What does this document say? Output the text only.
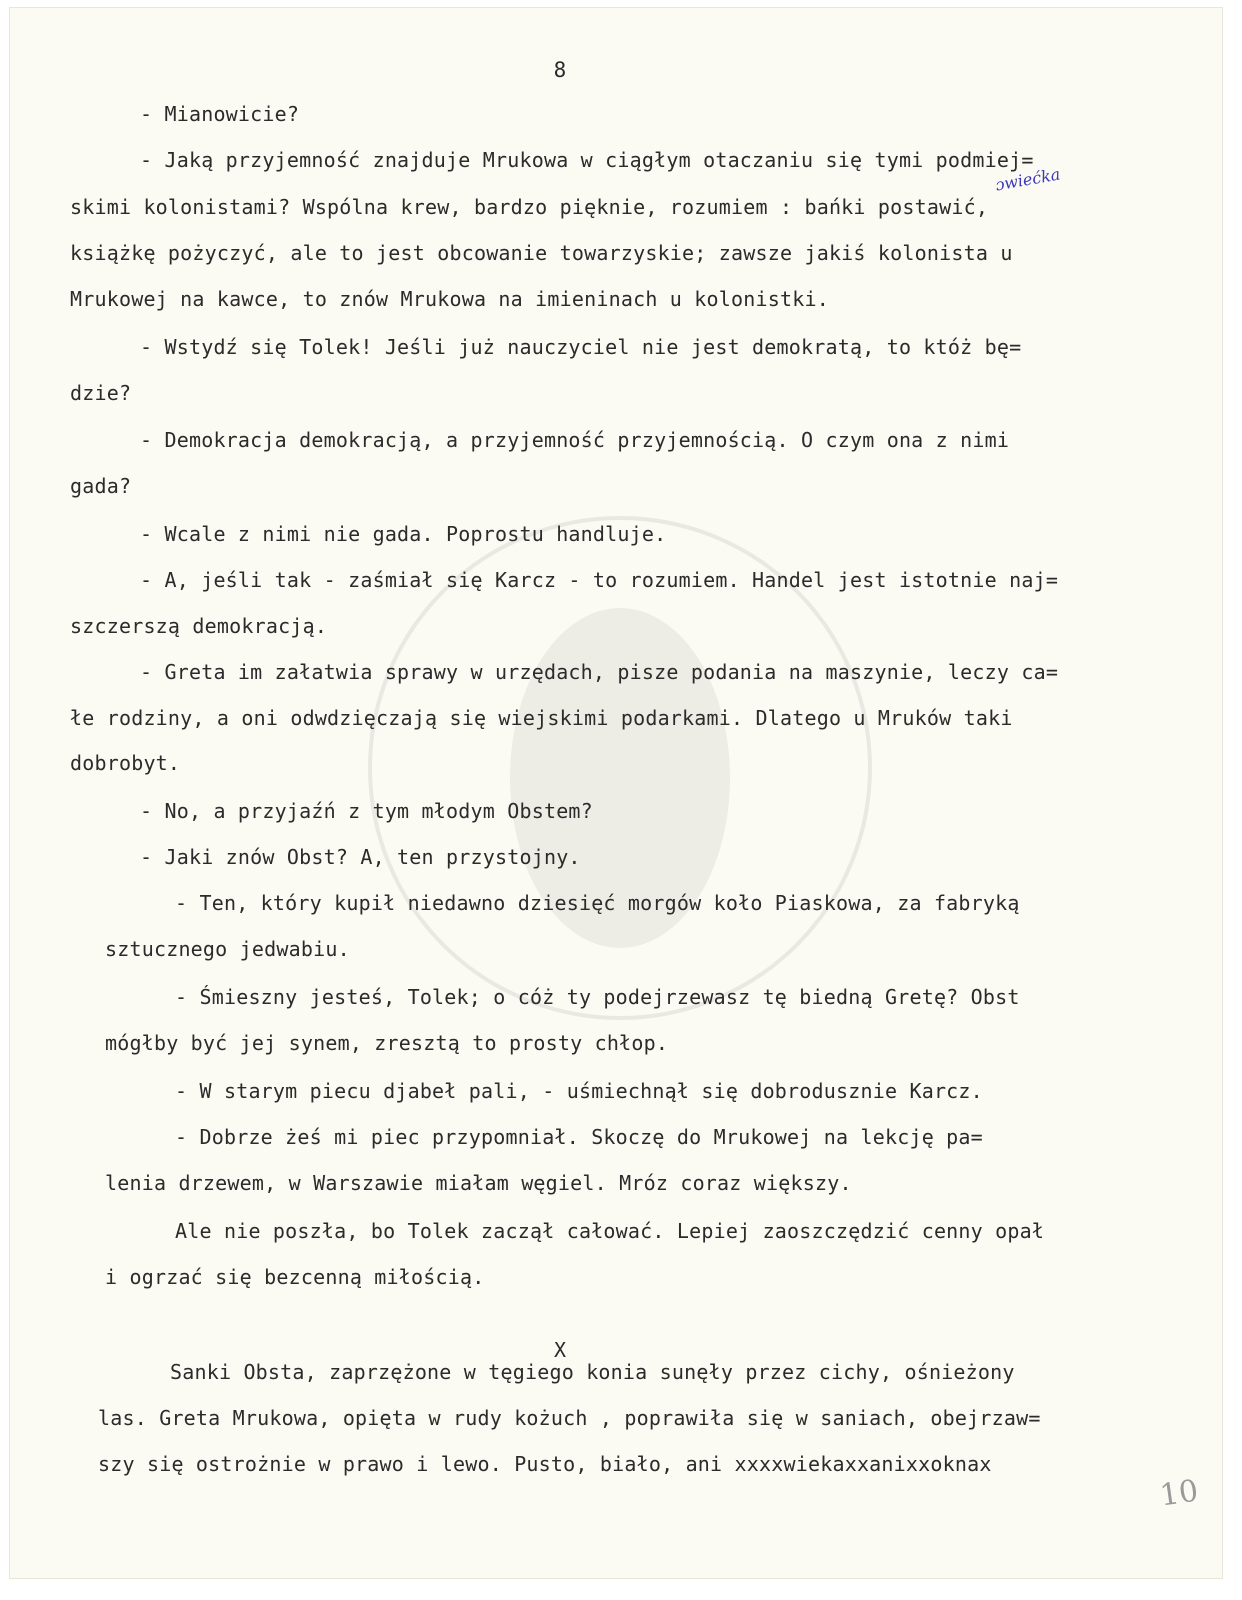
8
- Mianowicie?
- Jaką przyjemność znajduje Mrukowa w ciągłym otaczaniu się tymi podmiej=
skimi kolonistami? Wspólna krew, bardzo pięknie, rozumiem : bańki postawić,
książkę pożyczyć, ale to jest obcowanie towarzyskie; zawsze jakiś kolonista u
Mrukowej na kawce, to znów Mrukowa na imieninach u kolonistki.
- Wstydź się Tolek! Jeśli już nauczyciel nie jest demokratą, to któż bę=
dzie?
- Demokracja demokracją, a przyjemność przyjemnością. O czym ona z nimi
gada?
- Wcale z nimi nie gada. Poprostu handluje.
- A, jeśli tak - zaśmiał się Karcz - to rozumiem. Handel jest istotnie naj=
szczerszą demokracją.
- Greta im załatwia sprawy w urzędach, pisze podania na maszynie, leczy ca=
łe rodziny, a oni odwdzięczają się wiejskimi podarkami. Dlatego u Mruków taki
dobrobyt.
- No, a przyjaźń z tym młodym Obstem?
- Jaki znów Obst? A, ten przystojny.
- Ten, który kupił niedawno dziesięć morgów koło Piaskowa, za fabryką
sztucznego jedwabiu.
- Śmieszny jesteś, Tolek; o cóż ty podejrzewasz tę biedną Gretę? Obst
mógłby być jej synem, zresztą to prosty chłop.
- W starym piecu djabeł pali, - uśmiechnął się dobrodusznie Karcz.
- Dobrze żeś mi piec przypomniał. Skoczę do Mrukowej na lekcję pa=
lenia drzewem, w Warszawie miałam węgiel. Mróz coraz większy.
Ale nie poszła, bo Tolek zaczął całować. Lepiej zaoszczędzić cenny opał
i ogrzać się bezcenną miłością.
X
Sanki Obsta, zaprzężone w tęgiego konia sunęły przez cichy, ośnieżony
las. Greta Mrukowa, opięta w rudy kożuch , poprawiła się w saniach, obejrzaw=
szy się ostrożnie w prawo i lewo. Pusto, biało, ani xxxxwiekaxxanixxoknax
ɔwiećka
10
